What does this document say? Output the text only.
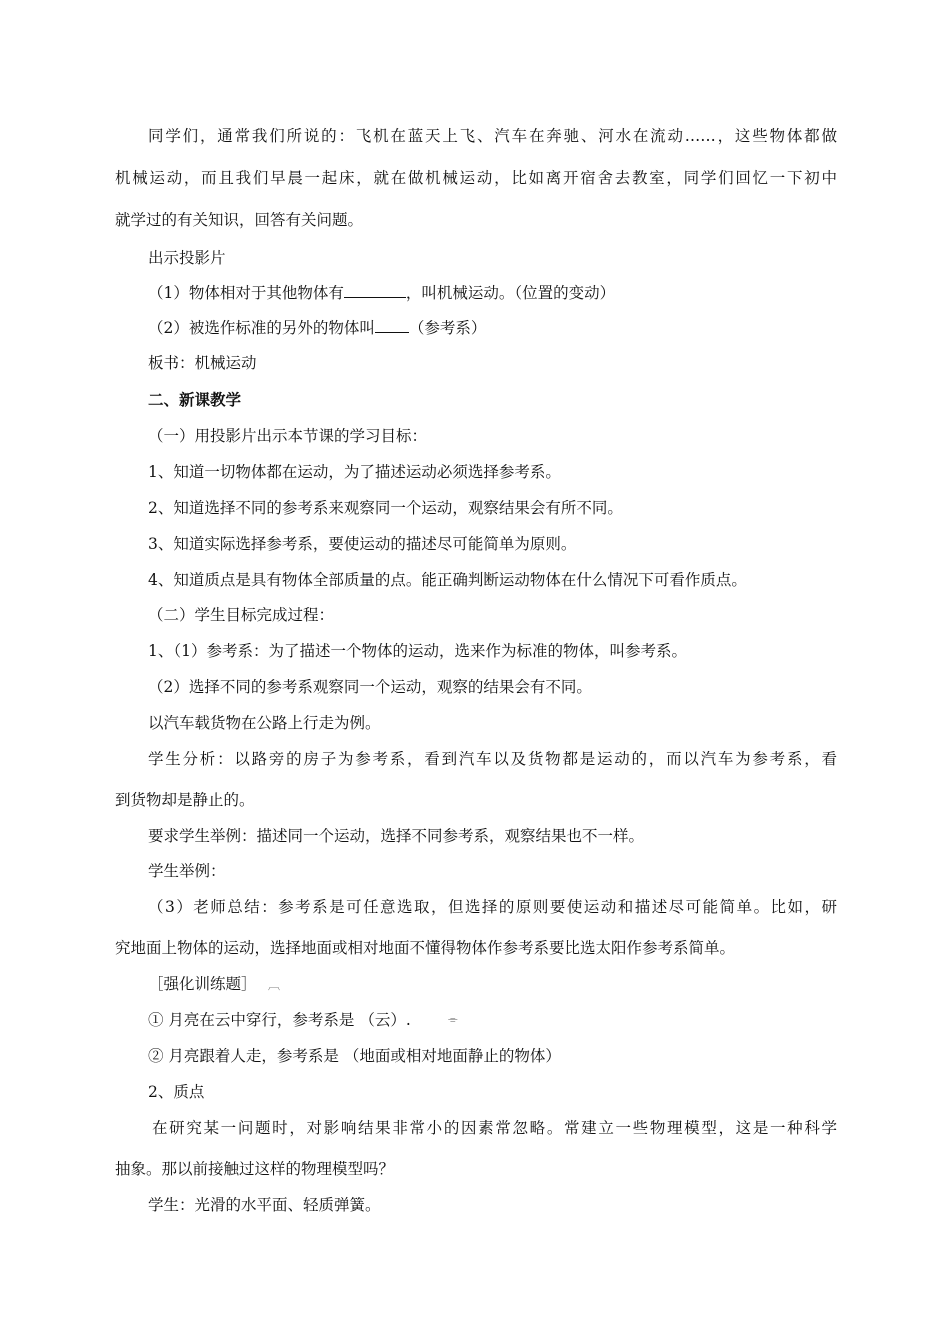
同学们，通常我们所说的：飞机在蓝天上飞、汽车在奔驰、河水在流动……，这些物体都做
机械运动，而且我们早晨一起床，就在做机械运动，比如离开宿舍去教室，同学们回忆一下初中
就学过的有关知识，回答有关问题。
出示投影片
（1）物体相对于其他物体有	，叫机械运动。（位置的变动）
（2）被选作标准的另外的物体叫 （参考系）
板书：机械运动
二、新课教学
（一）用投影片出示本节课的学习目标：
1、知道一切物体都在运动，为了描述运动必须选择参考系。
2、知道选择不同的参考系来观察同一个运动，观察结果会有所不同。
3、知道实际选择参考系，要使运动的描述尽可能简单为原则。
4、知道质点是具有物体全部质量的点。能正确判断运动物体在什么情况下可看作质点。
（二）学生目标完成过程：
1、（1）参考系：为了描述一个物体的运动，选来作为标准的物体，叫参考系。
（2）选择不同的参考系观察同一个运动，观察的结果会有不同。
以汽车载货物在公路上行走为例。
学生分析：以路旁的房子为参考系，看到汽车以及货物都是运动的，而以汽车为参考系，看
到货物却是静止的。
要求学生举例：描述同一个运动，选择不同参考系，观察结果也不一样。
学生举例：
（3）老师总结：参考系是可任意选取，但选择的原则要使运动和描述尽可能简单。比如，研
究地面上物体的运动，选择地面或相对地面不懂得物体作参考系要比选太阳作参考系简单。
［强化训练题］ ︹
① 月亮在云中穿行，参考系是 （云）.	⌯
② 月亮跟着人走，参考系是 （地面或相对地面静止的物体）
2、质点
在研究某一问题时，对影响结果非常小的因素常忽略。常建立一些物理模型，这是一种科学
抽象。那以前接触过这样的物理模型吗？
学生：光滑的水平面、轻质弹簧。
